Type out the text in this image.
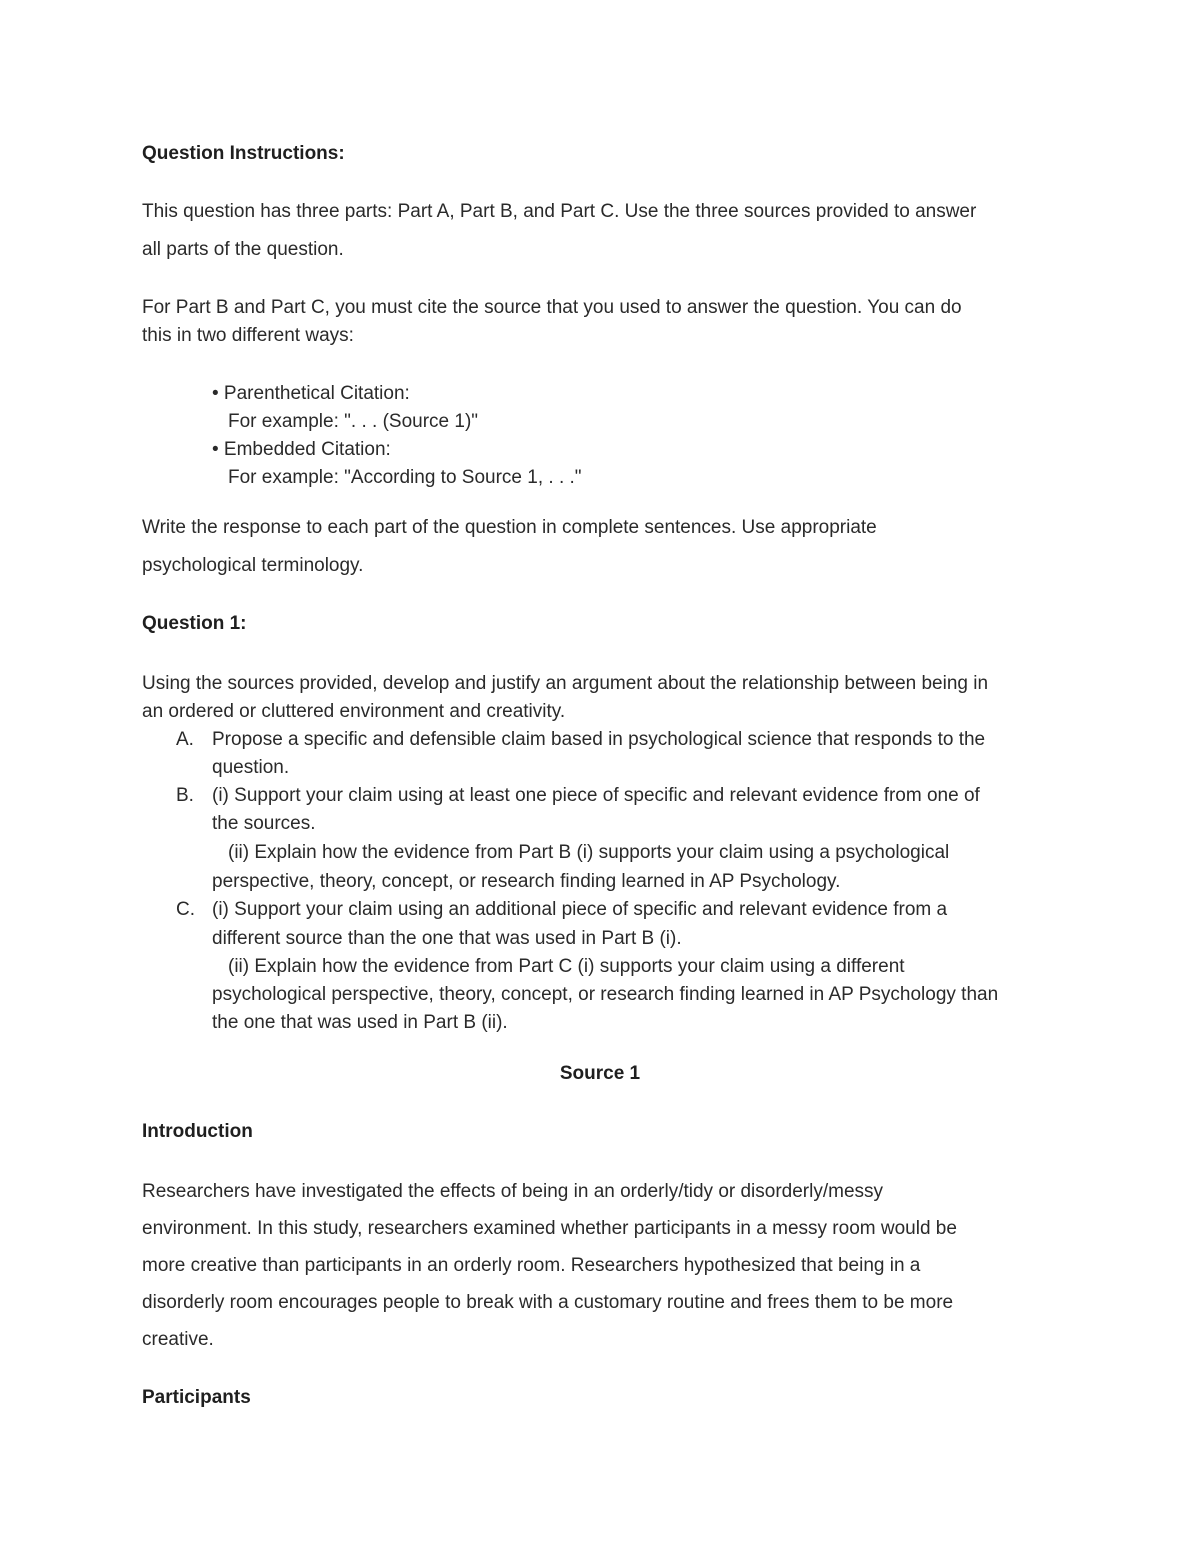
Question Instructions:
This question has three parts: Part A, Part B, and Part C. Use the three sources provided to answer
all parts of the question.
For Part B and Part C, you must cite the source that you used to answer the question. You can do
this in two different ways:
• Parenthetical Citation:
For example: ". . . (Source 1)"
• Embedded Citation:
For example: "According to Source 1, . . ."
Write the response to each part of the question in complete sentences. Use appropriate
psychological terminology.
Question 1:
Using the sources provided, develop and justify an argument about the relationship between being in
an ordered or cluttered environment and creativity.
A. Propose a specific and defensible claim based in psychological science that responds to the
question.
B. (i) Support your claim using at least one piece of specific and relevant evidence from one of
the sources.
(ii) Explain how the evidence from Part B (i) supports your claim using a psychological
perspective, theory, concept, or research finding learned in AP Psychology.
C. (i) Support your claim using an additional piece of specific and relevant evidence from a
different source than the one that was used in Part B (i).
(ii) Explain how the evidence from Part C (i) supports your claim using a different
psychological perspective, theory, concept, or research finding learned in AP Psychology than
the one that was used in Part B (ii).
Source 1
Introduction
Researchers have investigated the effects of being in an orderly/tidy or disorderly/messy
environment. In this study, researchers examined whether participants in a messy room would be
more creative than participants in an orderly room. Researchers hypothesized that being in a
disorderly room encourages people to break with a customary routine and frees them to be more
creative.
Participants
